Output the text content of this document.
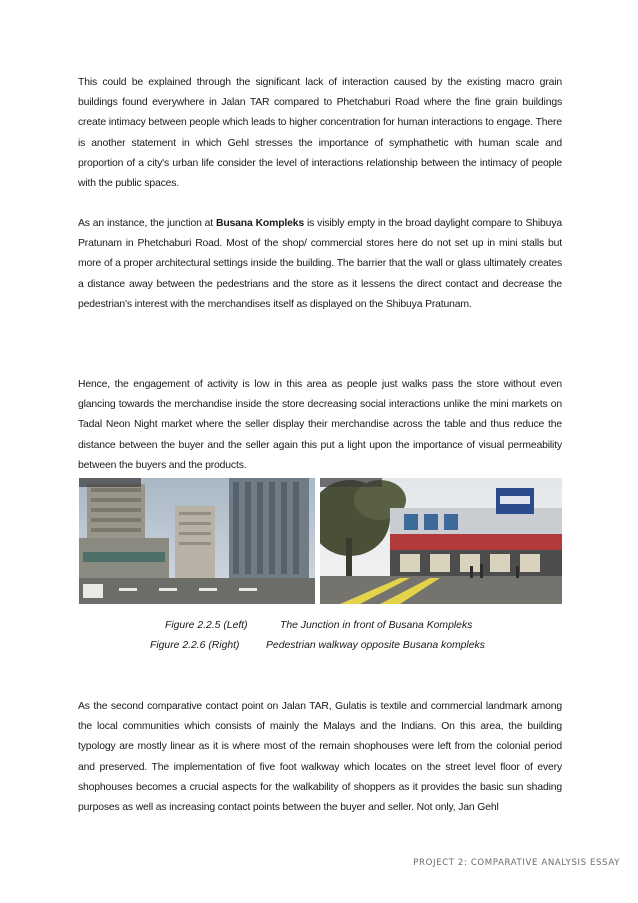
This could be explained through the significant lack of interaction caused by the existing macro grain buildings found everywhere in Jalan TAR compared to Phetchaburi Road where the fine grain buildings create intimacy between people which leads to higher concentration for human interactions to engage. There is another statement in which Gehl stresses the importance of symphathetic with human scale and proportion of a city's urban life consider the level of interactions relationship between the intimacy of people with the public spaces.

As an instance, the junction at Busana Kompleks is visibly empty in the broad daylight compare to Shibuya Pratunam in Phetchaburi Road. Most of the shop/ commercial stores here do not set up in mini stalls but more of a proper architectural settings inside the building. The barrier that the wall or glass ultimately creates a distance away between the pedestrians and the store as it lessens the direct contact and decrease the pedestrian's interest with the merchandises itself as displayed on the Shibuya Pratunam.

Hence, the engagement of activity is low in this area as people just walks pass the store without even glancing towards the merchandise inside the store decreasing social interactions unlike the mini markets on Tadal Neon Night market where the seller display their merchandise across the table and thus reduce the distance between the buyer and the seller again this put a light upon the importance of visual permeability between the buyers and the products.

Figure 2.2.5 (Left)	The Junction in front of Busana Kompleks
Figure 2.2.6 (Right)	Pedestrian walkway opposite Busana kompleks

As the second comparative contact point on Jalan TAR, Gulatis is textile and commercial landmark among the local communities which consists of mainly the Malays and the Indians. On this area, the building typology are mostly linear as it is where most of the remain shophouses were left from the colonial period and preserved. The implementation of five foot walkway which locates on the street level floor of every shophouses becomes a crucial aspects for the walkability of shoppers as it provides the basic sun shading purposes as well as increasing contact points between the buyer and seller. Not only, Jan Gehl

PROJECT 2: COMPARATIVE ANALYSIS ESSAY
